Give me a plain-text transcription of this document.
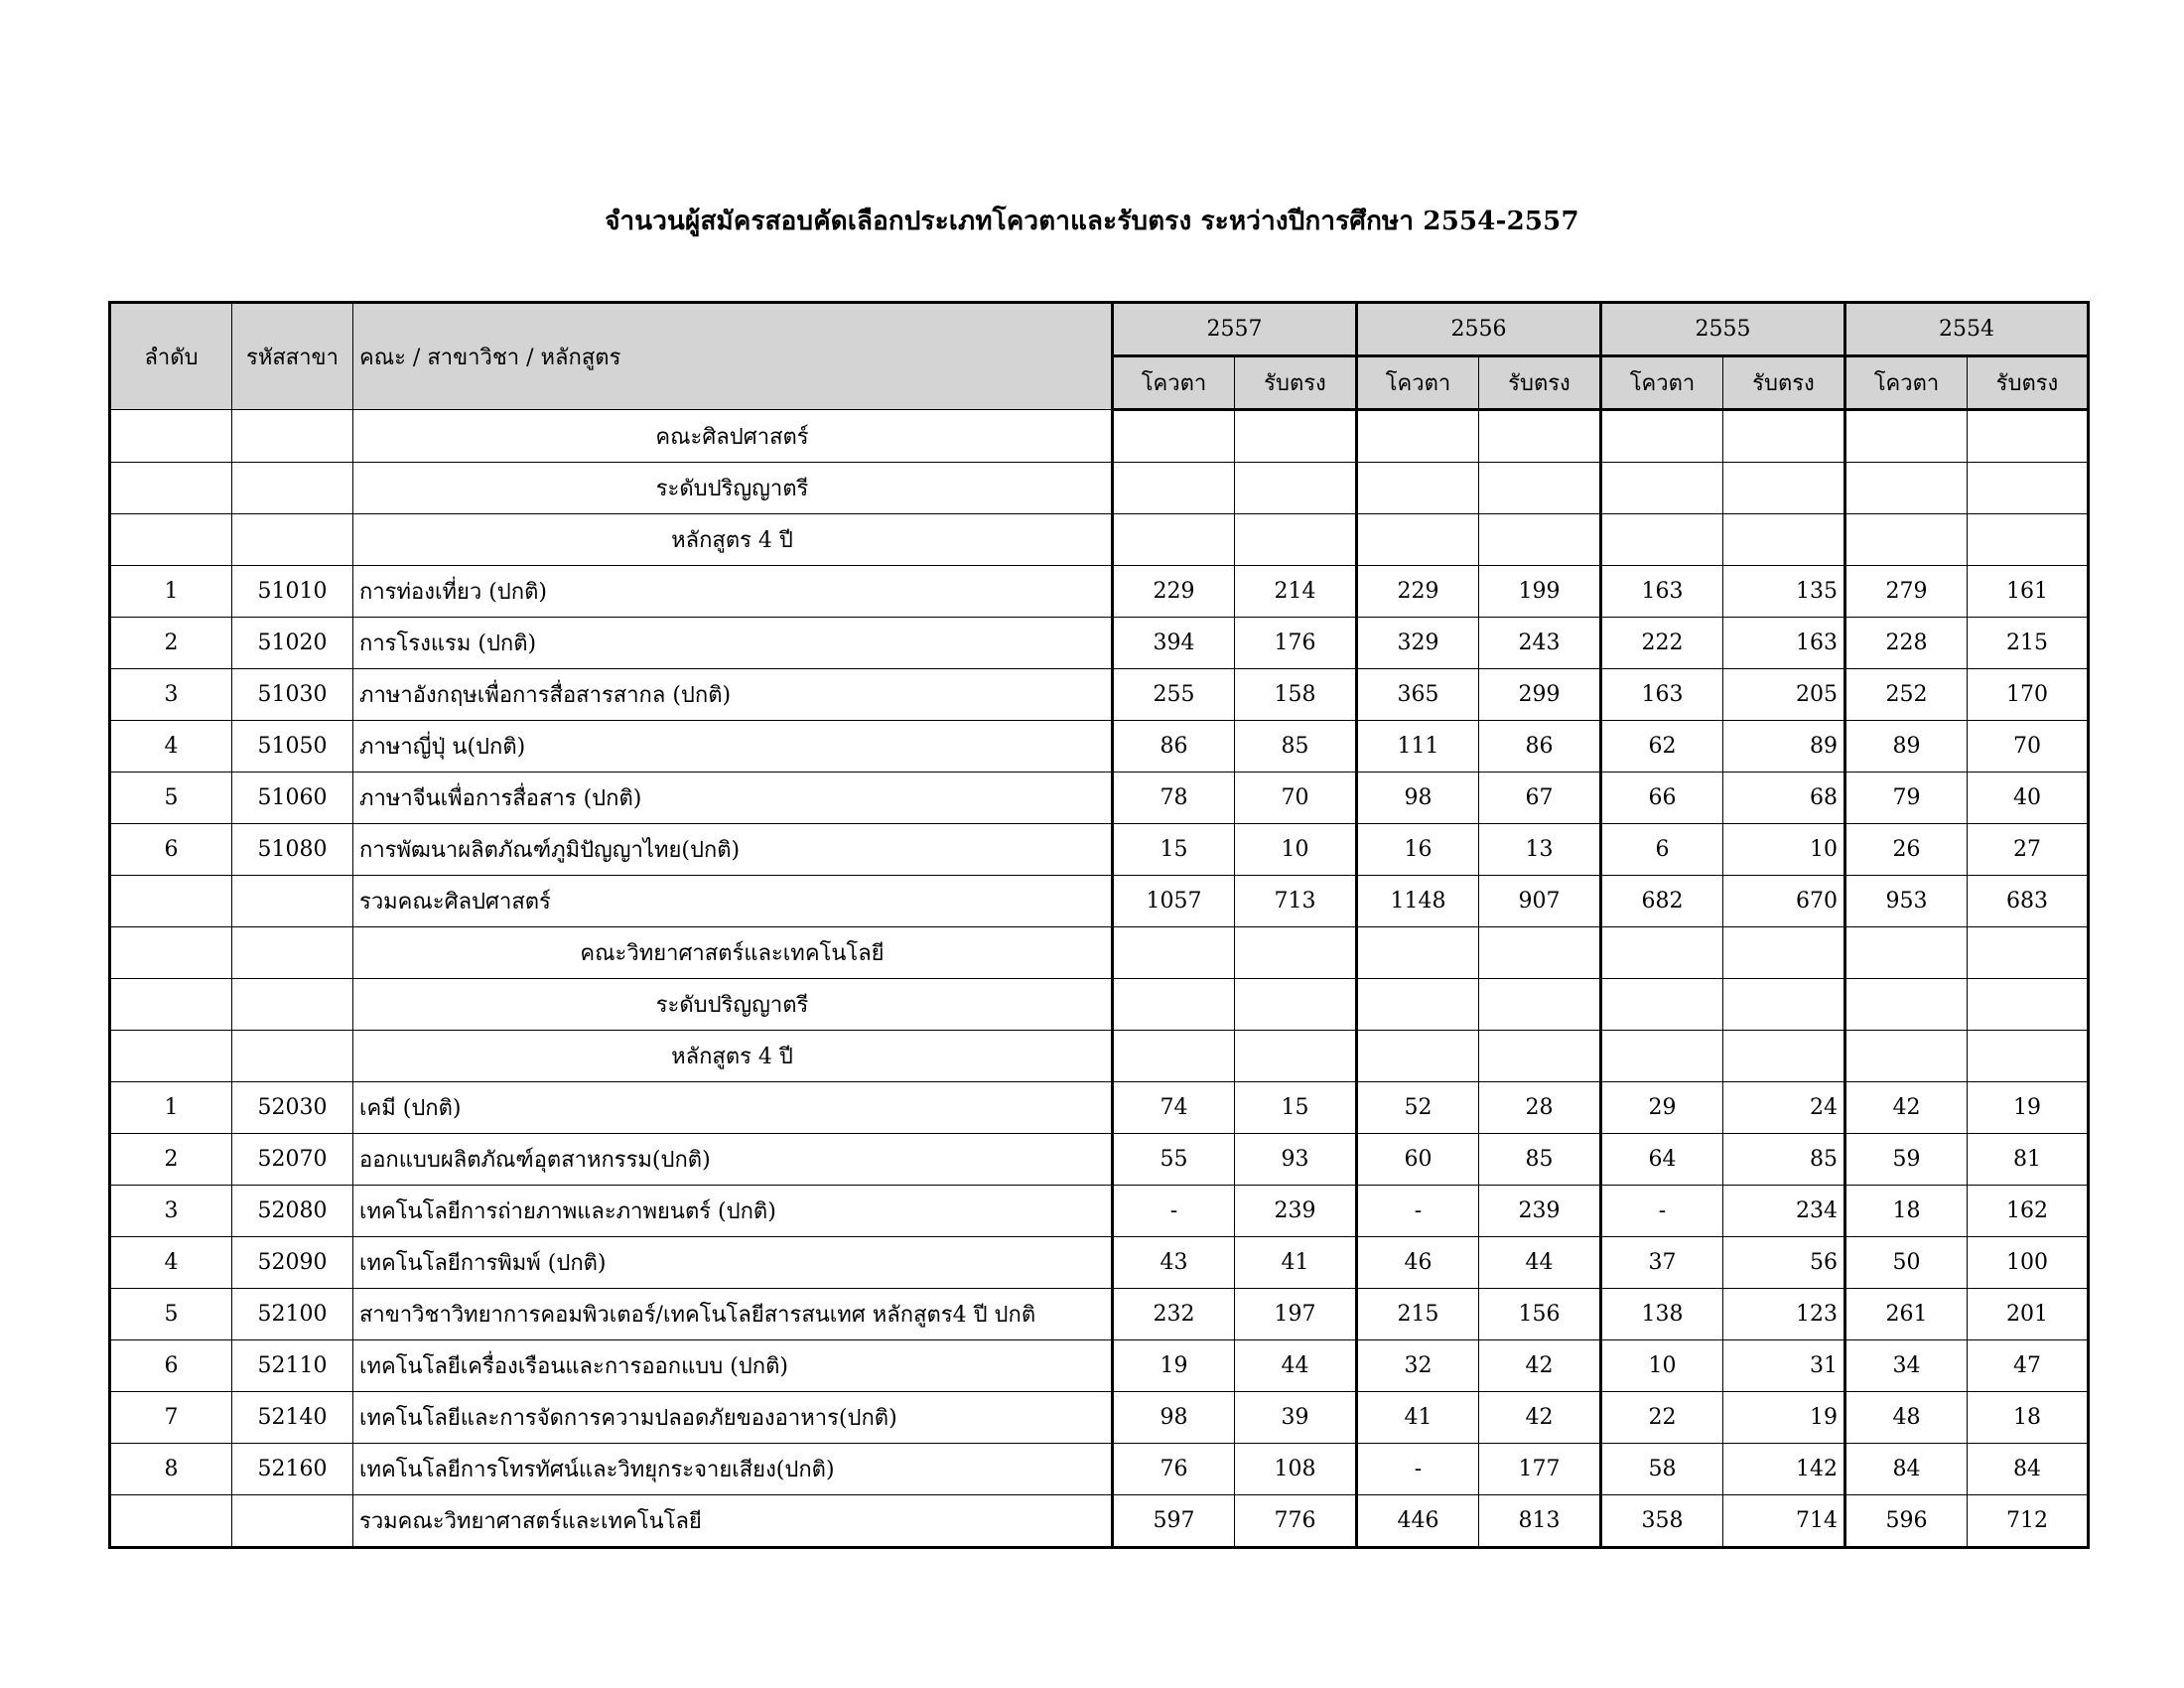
จำนวนผู้สมัครสอบคัดเลือกประเภทโควตาและรับตรง ระหว่างปีการศึกษา 2554-2557
ลำดับ	รหัสสาขา	คณะ / สาขาวิชา / หลักสูตร	2557		2556		2555		2554	
			โควตา	รับตรง	โควตา	รับตรง	โควตา	รับตรง	โควตา	รับตรง
		คณะศิลปศาสตร์								
		ระดับปริญญาตรี								
		หลักสูตร 4 ปี								
1	51010	การท่องเที่ยว (ปกติ)	229	214	229	199	163	135	279	161
2	51020	การโรงแรม (ปกติ)	394	176	329	243	222	163	228	215
3	51030	ภาษาอังกฤษเพื่อการสื่อสารสากล (ปกติ)	255	158	365	299	163	205	252	170
4	51050	ภาษาญี่ปุ่ น(ปกติ)	86	85	111	86	62	89	89	70
5	51060	ภาษาจีนเพื่อการสื่อสาร (ปกติ)	78	70	98	67	66	68	79	40
6	51080	การพัฒนาผลิตภัณฑ์ภูมิปัญญาไทย(ปกติ)	15	10	16	13	6	10	26	27
		รวมคณะศิลปศาสตร์	1057	713	1148	907	682	670	953	683
		คณะวิทยาศาสตร์และเทคโนโลยี								
		ระดับปริญญาตรี								
		หลักสูตร 4 ปี								
1	52030	เคมี (ปกติ)	74	15	52	28	29	24	42	19
2	52070	ออกแบบผลิตภัณฑ์อุตสาหกรรม(ปกติ)	55	93	60	85	64	85	59	81
3	52080	เทคโนโลยีการถ่ายภาพและภาพยนตร์ (ปกติ)	-	239	-	239	-	234	18	162
4	52090	เทคโนโลยีการพิมพ์ (ปกติ)	43	41	46	44	37	56	50	100
5	52100	สาขาวิชาวิทยาการคอมพิวเตอร์/เทคโนโลยีสารสนเทศ หลักสูตร4 ปี ปกติ	232	197	215	156	138	123	261	201
6	52110	เทคโนโลยีเครื่องเรือนและการออกแบบ (ปกติ)	19	44	32	42	10	31	34	47
7	52140	เทคโนโลยีและการจัดการความปลอดภัยของอาหาร(ปกติ)	98	39	41	42	22	19	48	18
8	52160	เทคโนโลยีการโทรทัศน์และวิทยุกระจายเสียง(ปกติ)	76	108	-	177	58	142	84	84
		รวมคณะวิทยาศาสตร์และเทคโนโลยี	597	776	446	813	358	714	596	712
